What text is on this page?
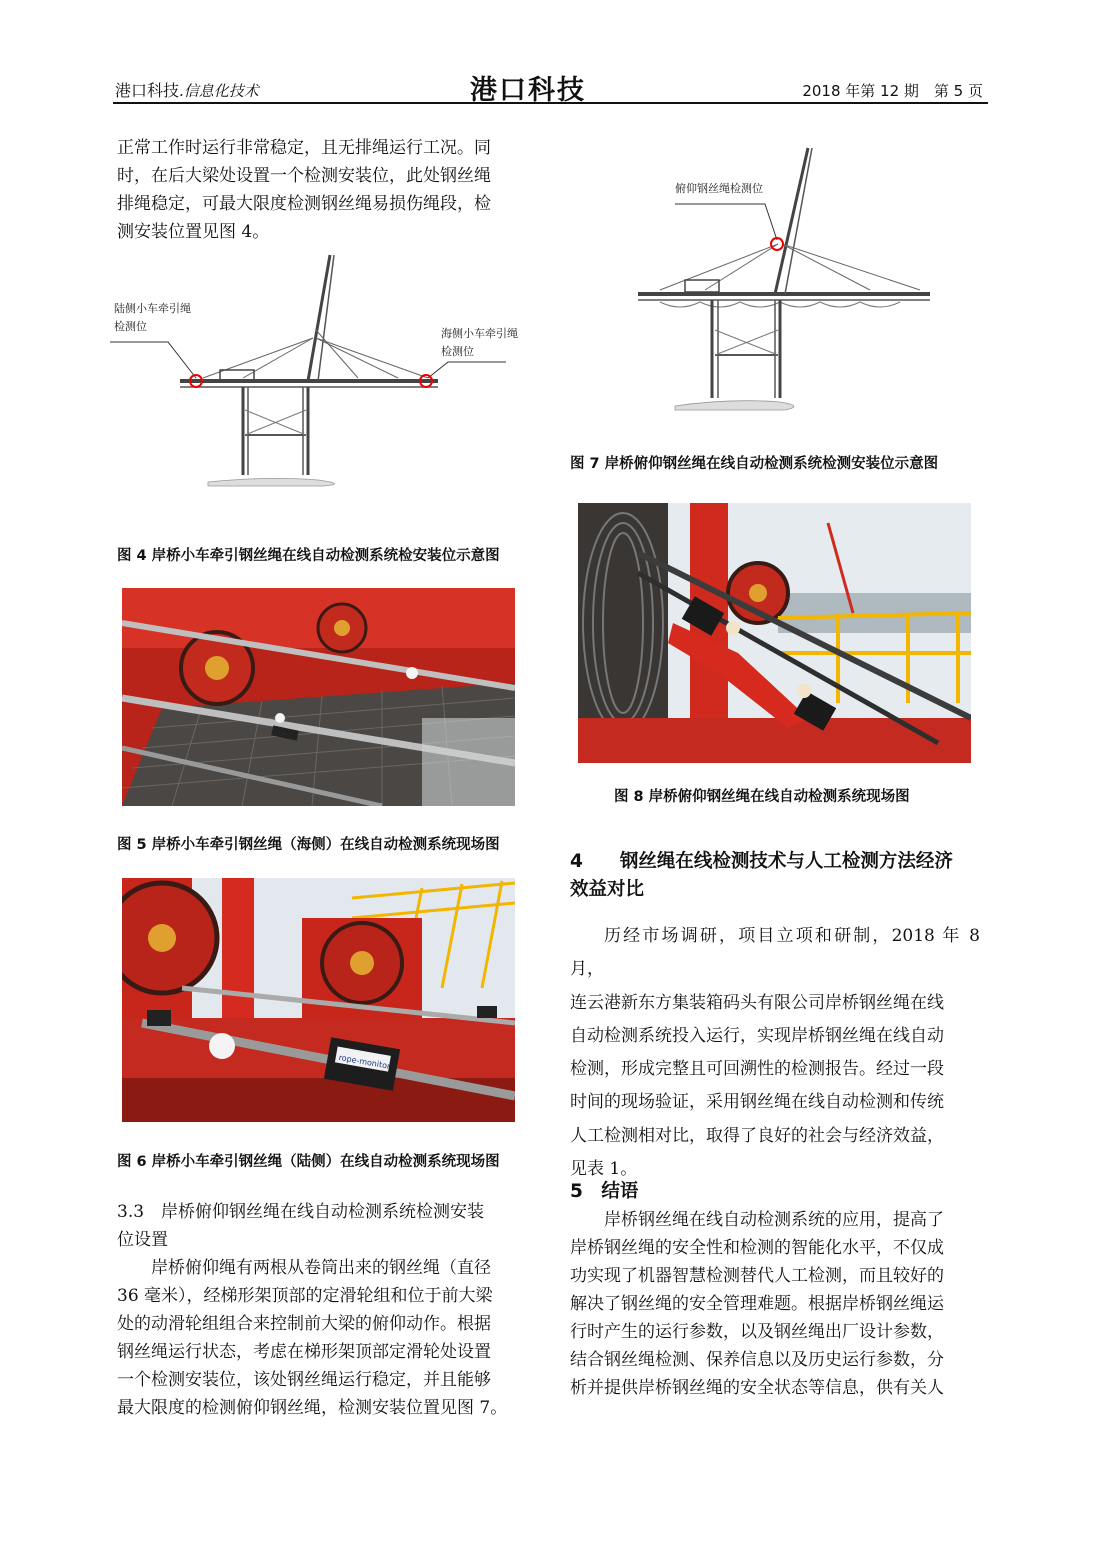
港口科技.信息化技术	港口科技	2018 年第 12 期　第 5 页
正常工作时运行非常稳定，且无排绳运行工况。同
时，在后大梁处设置一个检测安装位，此处钢丝绳
排绳稳定，可最大限度检测钢丝绳易损伤绳段，检
测安装位置见图 4。
陆侧小车牵引绳
检测位
海侧小车牵引绳
检测位
图 4 岸桥小车牵引钢丝绳在线自动检测系统检安装位示意图
图 5 岸桥小车牵引钢丝绳（海侧）在线自动检测系统现场图
rope-monitor
图 6 岸桥小车牵引钢丝绳（陆侧）在线自动检测系统现场图
3.3　岸桥俯仰钢丝绳在线自动检测系统检测安装
位设置
岸桥俯仰绳有两根从卷筒出来的钢丝绳（直径
36 毫米），经梯形架顶部的定滑轮组和位于前大梁
处的动滑轮组组合来控制前大梁的俯仰动作。根据
钢丝绳运行状态，考虑在梯形架顶部定滑轮处设置
一个检测安装位，该处钢丝绳运行稳定，并且能够
最大限度的检测俯仰钢丝绳，检测安装位置见图 7。
俯仰钢丝绳检测位
图 7 岸桥俯仰钢丝绳在线自动检测系统检测安装位示意图
图 8 岸桥俯仰钢丝绳在线自动检测系统现场图
4　　钢丝绳在线检测技术与人工检测方法经济
效益对比
历经市场调研，项目立项和研制，2018 年 8 月，
连云港新东方集装箱码头有限公司岸桥钢丝绳在线
自动检测系统投入运行，实现岸桥钢丝绳在线自动
检测，形成完整且可回溯性的检测报告。经过一段
时间的现场验证，采用钢丝绳在线自动检测和传统
人工检测相对比，取得了良好的社会与经济效益，
见表 1。
5　结语
岸桥钢丝绳在线自动检测系统的应用，提高了
岸桥钢丝绳的安全性和检测的智能化水平，不仅成
功实现了机器智慧检测替代人工检测，而且较好的
解决了钢丝绳的安全管理难题。根据岸桥钢丝绳运
行时产生的运行参数，以及钢丝绳出厂设计参数，
结合钢丝绳检测、保养信息以及历史运行参数，分
析并提供岸桥钢丝绳的安全状态等信息，供有关人
